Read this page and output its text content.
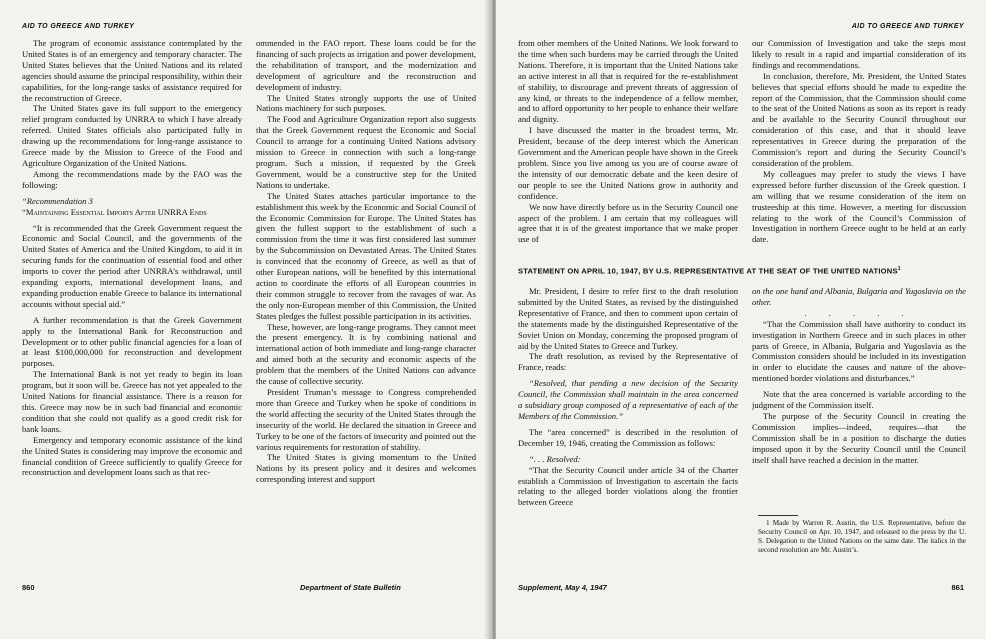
AID TO GREECE AND TURKEY

The program of economic assistance contemplated by the United States is of an emergency and temporary character. The United States believes that the United Nations and its related agencies should assume the principal responsibility, within their capabilities, for the long-range tasks of assistance required for the reconstruction of Greece.

The United States gave its full support to the emergency relief program conducted by UNRRA to which I have already referred. United States officials also participated fully in drawing up the recommendations for long-range assistance to Greece made by the Mission to Greece of the Food and Agriculture Organization of the United Nations.

Among the recommendations made by the FAO was the following:

“Recommendation 3

“Maintaining Essential Imports After UNRRA Ends

“It is recommended that the Greek Government request the Economic and Social Council, and the governments of the United States of America and the United Kingdom, to aid it in securing funds for the continuation of essential food and other imports to cover the period after UNRRA’s withdrawal, until expanding exports, international development loans, and expanding production enable Greece to balance its international accounts without special aid.”

A further recommendation is that the Greek Government apply to the International Bank for Reconstruction and Development or to other public financial agencies for a loan of at least $100,000,000 for reconstruction and development purposes.

The International Bank is not yet ready to begin its loan program, but it soon will be. Greece has not yet appealed to the United Nations for financial assistance. There is a reason for this. Greece may now be in such bad financial and economic condition that she could not qualify as a good credit risk for bank loans.

Emergency and temporary economic assistance of the kind the United States is considering may improve the economic and financial condition of Greece sufficiently to qualify Greece for reconstruction and development loans such as that rec-

ommended in the FAO report. These loans could be for the financing of such projects as irrigation and power development, the rehabilitation of transport, and the modernization and development of agriculture and the reconstruction and development of industry.

The United States strongly supports the use of United Nations machinery for such purposes.

The Food and Agriculture Organization report also suggests that the Greek Government request the Economic and Social Council to arrange for a continuing United Nations advisory mission to Greece in connection with such a long-range program. Such a mission, if requested by the Greek Government, would be a constructive step for the United Nations to undertake.

The United States attaches particular importance to the establishment this week by the Economic and Social Council of the Economic Commission for Europe. The United States has given the fullest support to the establishment of such a commission from the time it was first considered last summer by the Subcommission on Devastated Areas. The United States is convinced that the economy of Greece, as well as that of other European nations, will be benefited by this international action to coordinate the efforts of all European countries in their common struggle to recover from the ravages of war. As the only non-European member of this Commission, the United States pledges the fullest possible participation in its activities.

These, however, are long-range programs. They cannot meet the present emergency. It is by combining national and international action of both immediate and long-range character and aimed both at the security and economic aspects of the problem that the members of the United Nations can advance the cause of collective security.

President Truman’s message to Congress comprehended more than Greece and Turkey when he spoke of conditions in the world affecting the security of the United States through the insecurity of the world. He declared the situation in Greece and Turkey to be one of the factors of insecurity and pointed out the various requirements for restoration of stability.

The United States is giving momentum to the United Nations by its present policy and it desires and welcomes corresponding interest and support

860	Department of State Bulletin
AID TO GREECE AND TURKEY

from other members of the United Nations. We look forward to the time when such burdens may be carried through the United Nations. Therefore, it is important that the United Nations take an active interest in all that is required for the re-establishment of stability, to discourage and prevent threats of aggression of any kind, or threats to the independence of a fellow member, and to afford opportunity to her people to enhance their welfare and dignity.

I have discussed the matter in the broadest terms, Mr. President, because of the deep interest which the American Government and the American people have shown in the Greek problem. Since you live among us you are of course aware of the intensity of our democratic debate and the keen desire of our people to see the United Nations grow in authority and confidence.

We now have directly before us in the Security Council one aspect of the problem. I am certain that my colleagues will agree that it is of the greatest importance that we make proper use of

our Commission of Investigation and take the steps most likely to result in a rapid and impartial consideration of its findings and recommendations.

In conclusion, therefore, Mr. President, the United States believes that special efforts should be made to expedite the report of the Commission, that the Commission should come to the seat of the United Nations as soon as its report is ready and be available to the Security Council throughout our consideration of this case, and that it should leave representatives in Greece during the preparation of the Commission’s report and during the Security Council’s consideration of the problem.

My colleagues may prefer to study the views I have expressed before further discussion of the Greek question. I am willing that we resume consideration of the item on trusteeship at this time. However, a meeting for discussion relating to the work of the Council’s Commission of Investigation in northern Greece ought to be held at an early date.

STATEMENT ON APRIL 10, 1947, BY U.S. REPRESENTATIVE AT THE SEAT OF THE UNITED NATIONS$^1$

Mr. President, I desire to refer first to the draft resolution submitted by the United States, as revised by the distinguished Representative of France, and then to comment upon certain of the statements made by the distinguished Representative of the Soviet Union on Monday, concerning the proposed program of aid by the United States to Greece and Turkey.

The draft resolution, as revised by the Representative of France, reads:

“Resolved, that pending a new decision of the Security Council, the Commission shall maintain in the area concerned a subsidiary group composed of a representative of each of the Members of the Commission.”

The “area concerned” is described in the resolution of December 19, 1946, creating the Commission as follows:

“. . . Resolved:

“That the Security Council under article 34 of the Charter establish a Commission of Investigation to ascertain the facts relating to the alleged border violations along the frontier between Greece

on the one hand and Albania, Bulgaria and Yugoslavia on the other.

. . . . .

“That the Commission shall have authority to conduct its investigation in Northern Greece and in such places in other parts of Greece, in Albania, Bulgaria and Yugoslavia as the Commission considers should be included in its investigation in order to elucidate the causes and nature of the above-mentioned border violations and disturbances.”

Note that the area concerned is variable according to the judgment of the Commission itself.

The purpose of the Security Council in creating the Commission implies—indeed, requires—that the Commission shall be in a position to discharge the duties imposed upon it by the Security Council until the Council itself shall have reached a decision in the matter.

1 Made by Warren R. Austin, the U.S. Representative, before the Security Council on Apr. 10, 1947, and released to the press by the U. S. Delegation to the United Nations on the same date. The italics in the second resolution are Mr. Austin’s.

Supplement, May 4, 1947	861
